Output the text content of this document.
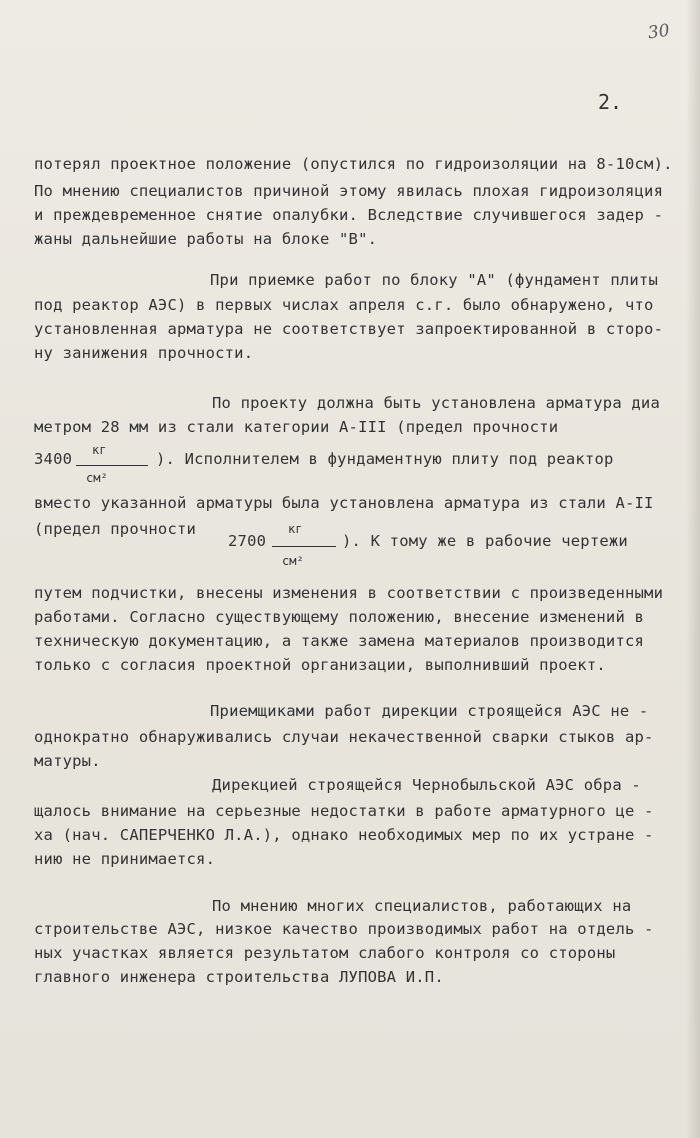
30
2.
потерял проектное положение (опустился по гидроизоляции на 8-10см).
По мнению специалистов причиной этому явилась плохая гидроизоляция
и преждевременное снятие опалубки. Вследствие случившегося задер -
жаны дальнейшие работы на блоке "В".
При приемке работ по блоку "А" (фундамент плиты
под реактор АЭС) в первых числах апреля с.г. было обнаружено, что
установленная арматура не соответствует запроектированной в сторо-
ну занижения прочности.
По проекту должна быть установлена арматура диа
метром 28 мм из стали категории А-III (предел прочности
3400 кг
см²
). Исполнителем в фундаментную плиту под реактор
вместо указанной арматуры была установлена арматура из стали А-II
(предел прочности
2700
кг
см²
). К тому же в рабочие чертежи
путем подчистки, внесены изменения в соответствии с произведенными
работами. Согласно существующему положению, внесение изменений в
техническую документацию, а также замена материалов производится
только с согласия проектной организации, выполнивший проект.
Приемщиками работ дирекции строящейся АЭС не -
однократно обнаруживались случаи некачественной сварки стыков ар-
матуры.
Дирекцией строящейся Чернобыльской АЭС обра -
щалось внимание на серьезные недостатки в работе арматурного це -
ха (нач. САПЕРЧЕНКО Л.А.), однако необходимых мер по их устране -
нию не принимается.
По мнению многих специалистов, работающих на
строительстве АЭС, низкое качество производимых работ на отдель -
ных участках является результатом слабого контроля со стороны
главного инженера строительства ЛУПОВА И.П.
